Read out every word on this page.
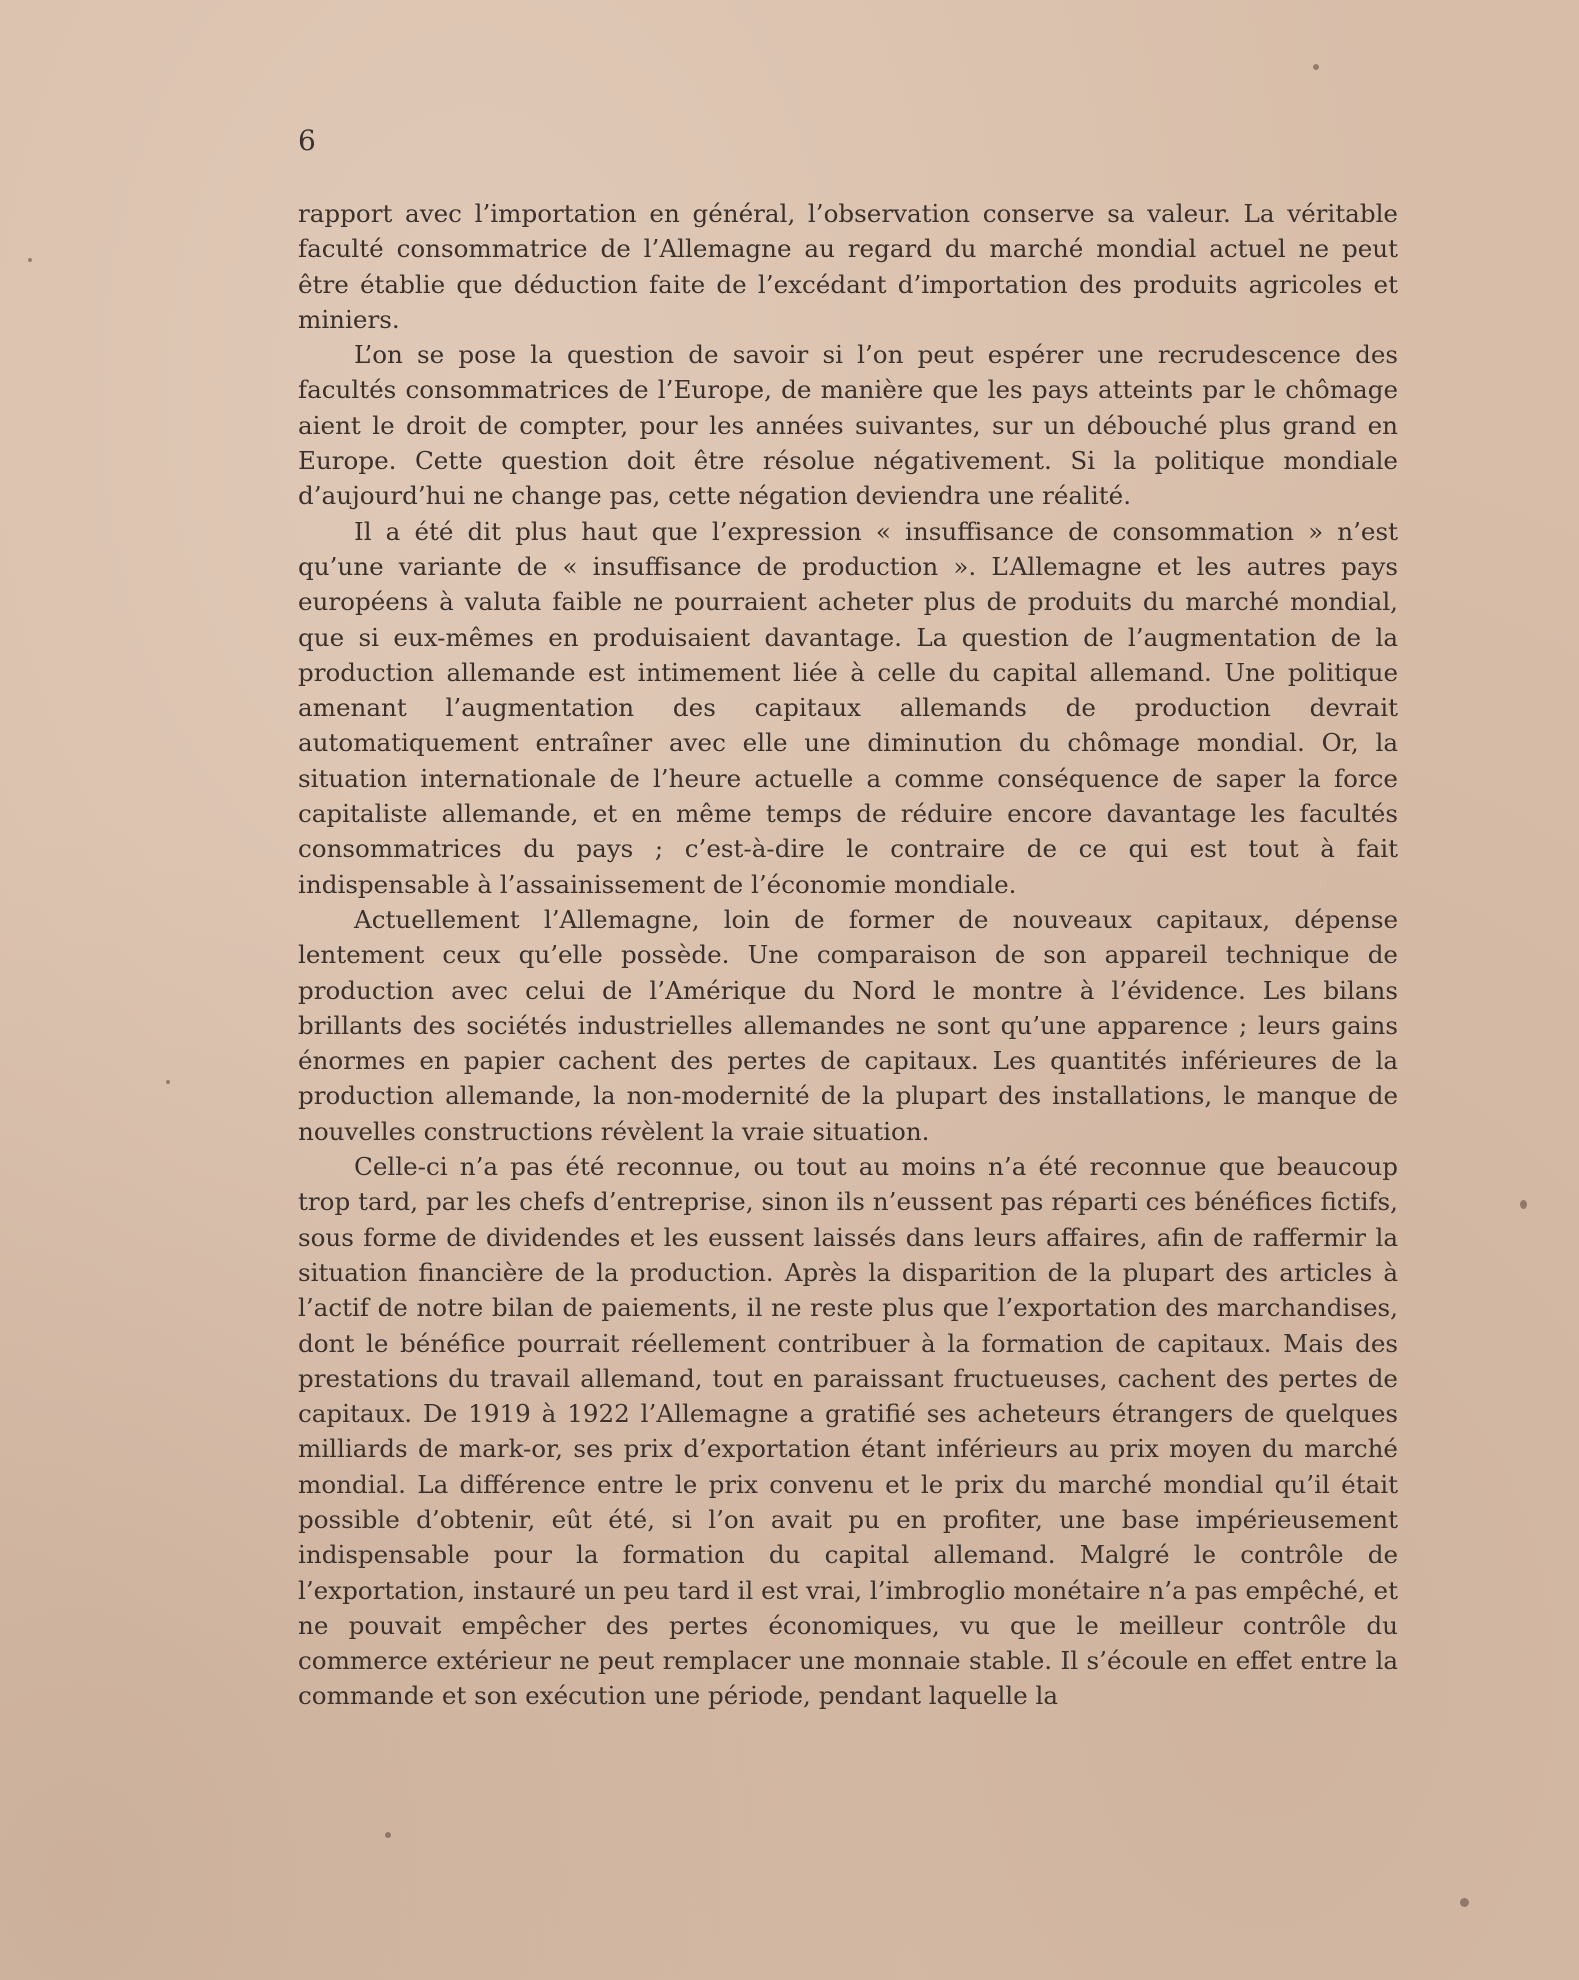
6

rapport avec l’importation en général, l’observation conserve sa valeur. La véritable faculté consommatrice de l’Allemagne au regard du marché mondial actuel ne peut être établie que déduction faite de l’excédant d’importation des produits agricoles et miniers.

L’on se pose la question de savoir si l’on peut espérer une recrudescence des facultés consommatrices de l’Europe, de manière que les pays atteints par le chômage aient le droit de compter, pour les années suivantes, sur un débouché plus grand en Europe. Cette question doit être résolue négativement. Si la politique mondiale d’aujourd’hui ne change pas, cette négation deviendra une réalité.

Il a été dit plus haut que l’expression « insuffisance de consommation » n’est qu’une variante de « insuffisance de production ». L’Allemagne et les autres pays européens à valuta faible ne pourraient acheter plus de produits du marché mondial, que si eux-mêmes en produisaient davantage. La question de l’augmentation de la production allemande est intimement liée à celle du capital allemand. Une politique amenant l’augmentation des capitaux allemands de production devrait automatiquement entraîner avec elle une diminution du chômage mondial. Or, la situation internationale de l’heure actuelle a comme conséquence de saper la force capitaliste allemande, et en même temps de réduire encore davantage les facultés consommatrices du pays ; c’est-à-dire le contraire de ce qui est tout à fait indispensable à l’assainissement de l’économie mondiale.

Actuellement l’Allemagne, loin de former de nouveaux capitaux, dépense lentement ceux qu’elle possède. Une comparaison de son appareil technique de production avec celui de l’Amérique du Nord le montre à l’évidence. Les bilans brillants des sociétés industrielles allemandes ne sont qu’une apparence ; leurs gains énormes en papier cachent des pertes de capitaux. Les quantités inférieures de la production allemande, la non-modernité de la plupart des installations, le manque de nouvelles constructions révèlent la vraie situation.

Celle-ci n’a pas été reconnue, ou tout au moins n’a été reconnue que beaucoup trop tard, par les chefs d’entreprise, sinon ils n’eussent pas réparti ces bénéfices fictifs, sous forme de dividendes et les eussent laissés dans leurs affaires, afin de raffermir la situation financière de la production. Après la disparition de la plupart des articles à l’actif de notre bilan de paiements, il ne reste plus que l’exportation des marchandises, dont le bénéfice pourrait réellement contribuer à la formation de capitaux. Mais des prestations du travail allemand, tout en paraissant fructueuses, cachent des pertes de capitaux. De 1919 à 1922 l’Allemagne a gratifié ses acheteurs étrangers de quelques milliards de mark-or, ses prix d’exportation étant inférieurs au prix moyen du marché mondial. La différence entre le prix convenu et le prix du marché mondial qu’il était possible d’obtenir, eût été, si l’on avait pu en profiter, une base impérieusement indispensable pour la formation du capital allemand. Malgré le contrôle de l’exportation, instauré un peu tard il est vrai, l’imbroglio monétaire n’a pas empêché, et ne pouvait empêcher des pertes économiques, vu que le meilleur contrôle du commerce extérieur ne peut remplacer une monnaie stable. Il s’écoule en effet entre la commande et son exécution une période, pendant laquelle la
